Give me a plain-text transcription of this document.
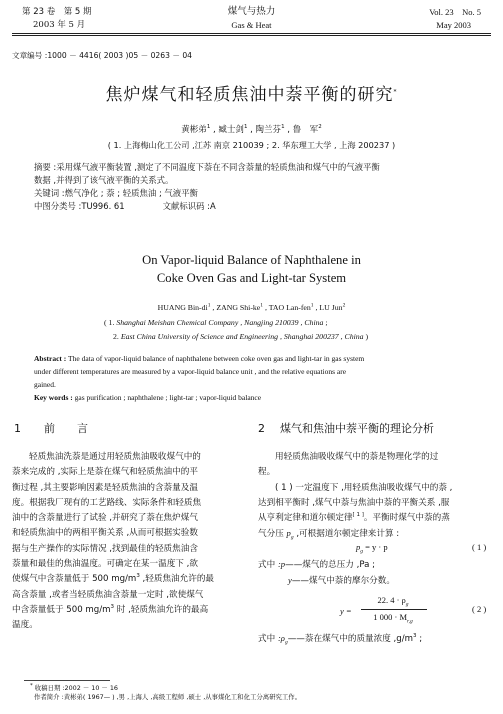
第 23 卷　第 5 期
2003 年 5 月
煤气与热力
Gas & Heat
Vol. 23　No. 5
May 2003
文章编号 :1000 － 4416( 2003 )05 － 0263 － 04
焦炉煤气和轻质焦油中萘平衡的研究*
黄彬弟$^1$ , 臧士剑$^1$ , 陶兰芬$^1$ , 鲁　军$^2$
( 1. 上海梅山化工公司 ,江苏 南京 210039 ; 2. 华东理工大学 , 上海 200237 )
摘要 :采用煤气液平衡装置 ,测定了不同温度下萘在不同含萘量的轻质焦油和煤气中的气液平衡
数据 ,并得到了该气液平衡的关系式。
关键词 :燃气净化 ; 萘 ; 轻质焦油 ; 气液平衡
中图分类号 :TU996. 61	文献标识码 :A
On Vapor-liquid Balance of Naphthalene in
Coke Oven Gas and Light-tar System
HUANG Bin-$di^1$ , ZANG Shi-$ke^1$ , TAO Lan-fen$^1$ , LU Jun$^2$
( 1. Shanghai Meishan Chemical Company , Nangjing 210039 , China ;
2. East China University of Science and Engineering , Shanghai 200237 , China )
Abstract : The data of vapor-liquid balance of naphthalene between coke oven gas and light-tar in gas system
under different temperatures are measured by a vapor-liquid balance unit , and the relative equations are
gained.
Key words : gas purification ; naphthalene ; light-tar ; vapor-liquid balance
1 前　　言
轻质焦油洗萘是通过用轻质焦油吸收煤气中的
萘来完成的 ,实际上是萘在煤气和轻质焦油中的平
衡过程 ,其主要影响因素是轻质焦油的含萘量及温
度。根据我厂现有的工艺路线、实际条件和轻质焦
油中的含萘量进行了试验 ,并研究了萘在焦炉煤气
和轻质焦油中的两相平衡关系 ,从而可根据实验数
据与生产操作的实际情况 ,找到最佳的轻质焦油含
萘量和最佳的焦油温度。可确定在某一温度下 ,欲
使煤气中含萘量低于 500 $mg/m^3$ ,轻质焦油允许的最
高含萘量 ,或者当轻质焦油含萘量一定时 ,欲使煤气
中含萘量低于 500 $mg/m^3$ 时 ,轻质焦油允许的最高
温度。
2 煤气和焦油中萘平衡的理论分析
用轻质焦油吸收煤气中的萘是物理化学的过
程。
( 1 ) 一定温度下 ,用轻质焦油吸收煤气中的萘 ,
达到相平衡时 ,煤气中萘与焦油中萘的平衡关系 ,服
从亨利定律和道尔顿定律[ 1 ]。平衡时煤气中萘的蒸
气分压 $p_g$ ,可根据道尔顿定律来计算 :
$p_g = y \cdot p$	( 1 )
式中 :p——煤气的总压力 ,Pa ;
y——煤气中萘的摩尔分数。
y =
22. $4 \cdot \rho_g$
1 $000 \cdot M_{r,g}$
( 2 )
式中 $:\rho_g——$萘在煤气中的质量浓度 $,g/m^3$ ;
* 收稿日期 :2002 － 10 － 16
作者简介 :黄彬弟( 1967— ) ,男 ,上海人 ,高级工程师 ,硕士 ,从事煤化工和化工分离研究工作。
